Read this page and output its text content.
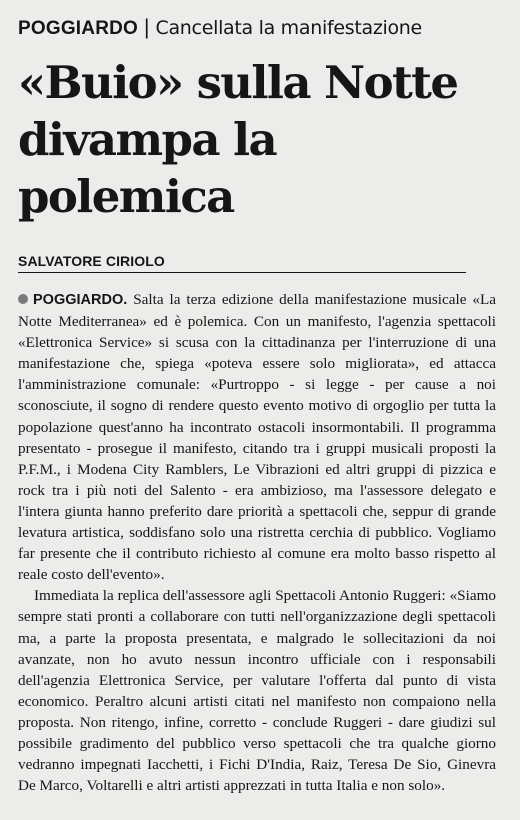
POGGIARDO | Cancellata la manifestazione
«Buio» sulla Notte
divampa la polemica
SALVATORE CIRIOLO

POGGIARDO. Salta la terza edizione della manifestazione musicale «La Notte Mediterranea» ed è polemica. Con un manifesto, l'agenzia spettacoli «Elettronica Service» si scusa con la cittadinanza per l'interruzione di una manifestazione che, spiega «poteva essere solo migliorata», ed attacca l'amministrazione comunale: «Purtroppo - si legge - per cause a noi sconosciute, il sogno di rendere questo evento motivo di orgoglio per tutta la popolazione quest'anno ha incontrato ostacoli insormontabili. Il programma presentato - prosegue il manifesto, citando tra i gruppi musicali proposti la P.F.M., i Modena City Ramblers, Le Vibrazioni ed altri gruppi di pizzica e rock tra i più noti del Salento - era ambizioso, ma l'assessore delegato e l'intera giunta hanno preferito dare priorità a spettacoli che, seppur di grande levatura artistica, soddisfano solo una ristretta cerchia di pubblico. Vogliamo far presente che il contributo richiesto al comune era molto basso rispetto al reale costo dell'evento».

Immediata la replica dell'assessore agli Spettacoli Antonio Ruggeri: «Siamo sempre stati pronti a collaborare con tutti nell'organizzazione degli spettacoli ma, a parte la proposta presentata, e malgrado le sollecitazioni da noi avanzate, non ho avuto nessun incontro ufficiale con i responsabili dell'agenzia Elettronica Service, per valutare l'offerta dal punto di vista economico. Peraltro alcuni artisti citati nel manifesto non compaiono nella proposta. Non ritengo, infine, corretto - conclude Ruggeri - dare giudizi sul possibile gradimento del pubblico verso spettacoli che tra qualche giorno vedranno impegnati Iacchetti, i Fichi D'India, Raiz, Teresa De Sio, Ginevra De Marco, Voltarelli e altri artisti apprezzati in tutta Italia e non solo».
